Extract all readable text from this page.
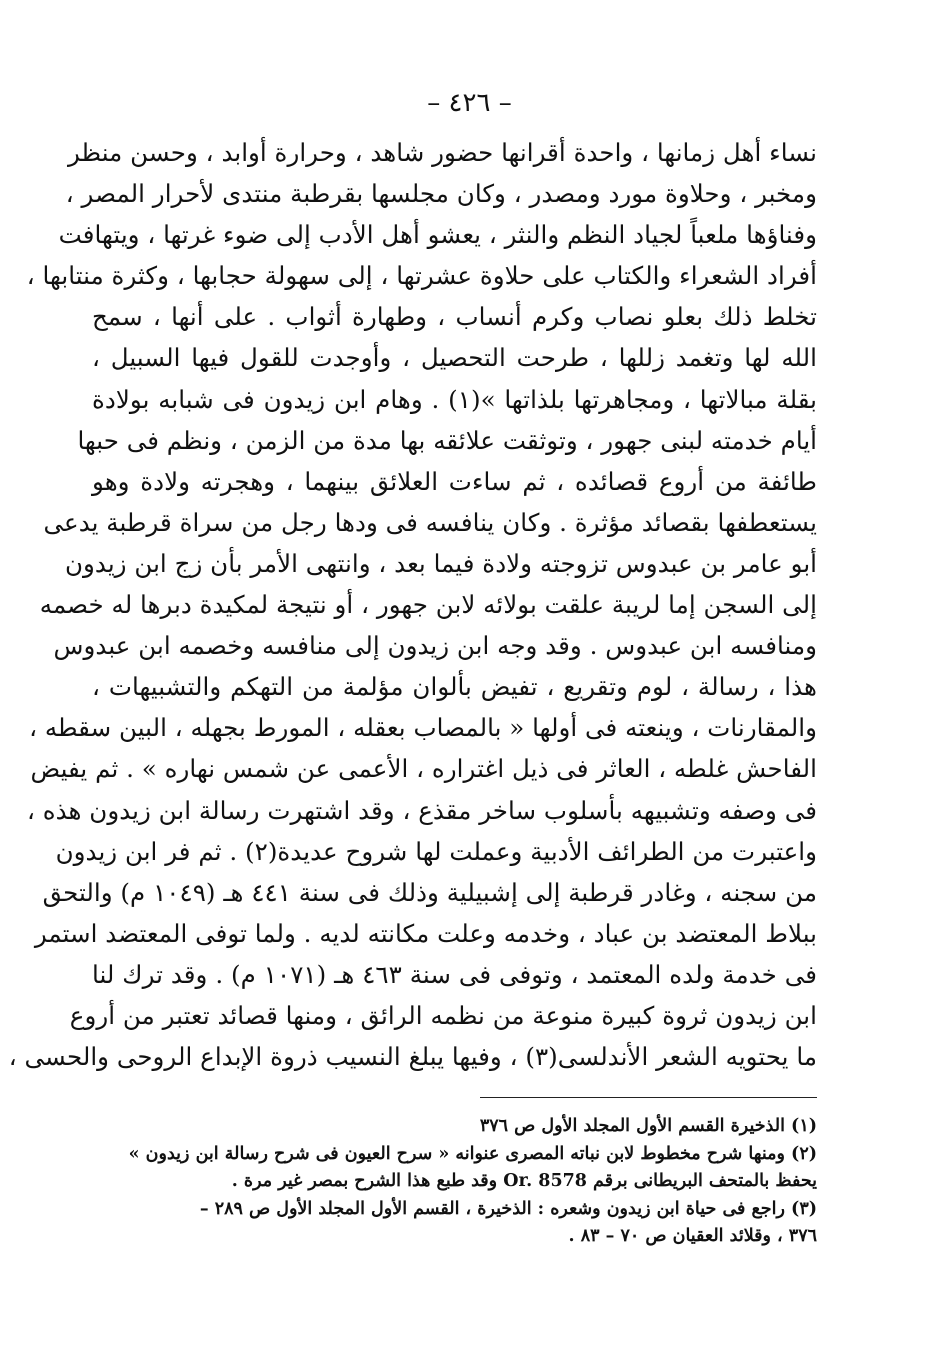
– ٤٢٦ –
نساء أهل زمانها ، واحدة أقرانها حضور شاهد ، وحرارة أوابد ، وحسن منظر
ومخبر ، وحلاوة مورد ومصدر ، وكان مجلسها بقرطبة منتدى لأحرار المصر ،
وفناؤها ملعباً لجياد النظم والنثر ، يعشو أهل الأدب إلى ضوء غرتها ، ويتهافت
أفراد الشعراء والكتاب على حلاوة عشرتها ، إلى سهولة حجابها ، وكثرة منتابها ،
تخلط ذلك بعلو نصاب وكرم أنساب ، وطهارة أثواب . على أنها ، سمح
الله لها وتغمد زللها ، طرحت التحصيل ، وأوجدت للقول فيها السبيل ،
بقلة مبالاتها ، ومجاهرتها بلذاتها »(١) . وهام ابن زيدون فى شبابه بولادة
أيام خدمته لبنى جهور ، وتوثقت علائقه بها مدة من الزمن ، ونظم فى حبها
طائفة من أروع قصائده ، ثم ساءت العلائق بينهما ، وهجرته ولادة وهو
يستعطفها بقصائد مؤثرة . وكان ينافسه فى ودها رجل من سراة قرطبة يدعى
أبو عامر بن عبدوس تزوجته ولادة فيما بعد ، وانتهى الأمر بأن زج ابن زيدون
إلى السجن إما لريبة علقت بولائه لابن جهور ، أو نتيجة لمكيدة دبرها له خصمه
ومنافسه ابن عبدوس . وقد وجه ابن زيدون إلى منافسه وخصمه ابن عبدوس
هذا ، رسالة ، لوم وتقريع ، تفيض بألوان مؤلمة من التهكم والتشبيهات ،
والمقارنات ، وينعته فى أولها « بالمصاب بعقله ، المورط بجهله ، البين سقطه ،
الفاحش غلطه ، العاثر فى ذيل اغتراره ، الأعمى عن شمس نهاره » . ثم يفيض
فى وصفه وتشبيهه بأسلوب ساخر مقذع ، وقد اشتهرت رسالة ابن زيدون هذه ،
واعتبرت من الطرائف الأدبية وعملت لها شروح عديدة(٢) . ثم فر ابن زيدون
من سجنه ، وغادر قرطبة إلى إشبيلية وذلك فى سنة ٤٤١ هـ (١٠٤٩ م) والتحق
ببلاط المعتضد بن عباد ، وخدمه وعلت مكانته لديه . ولما توفى المعتضد استمر
فى خدمة ولده المعتمد ، وتوفى فى سنة ٤٦٣ هـ (١٠٧١ م) . وقد ترك لنا
ابن زيدون ثروة كبيرة منوعة من نظمه الرائق ، ومنها قصائد تعتبر من أروع
ما يحتويه الشعر الأندلسى(٣) ، وفيها يبلغ النسيب ذروة الإبداع الروحى والحسى ،
(١) الذخيرة القسم الأول المجلد الأول ص ٣٧٦
(٢) ومنها شرح مخطوط لابن نباته المصرى عنوانه « سرح العيون فى شرح رسالة ابن زيدون »
يحفظ بالمتحف البريطانى برقم Or. 8578 وقد طبع هذا الشرح بمصر غير مرة .
(٣) راجع فى حياة ابن زيدون وشعره : الذخيرة ، القسم الأول المجلد الأول ص ٢٨٩ –
٣٧٦ ، وقلائد العقيان ص ٧٠ – ٨٣ .
